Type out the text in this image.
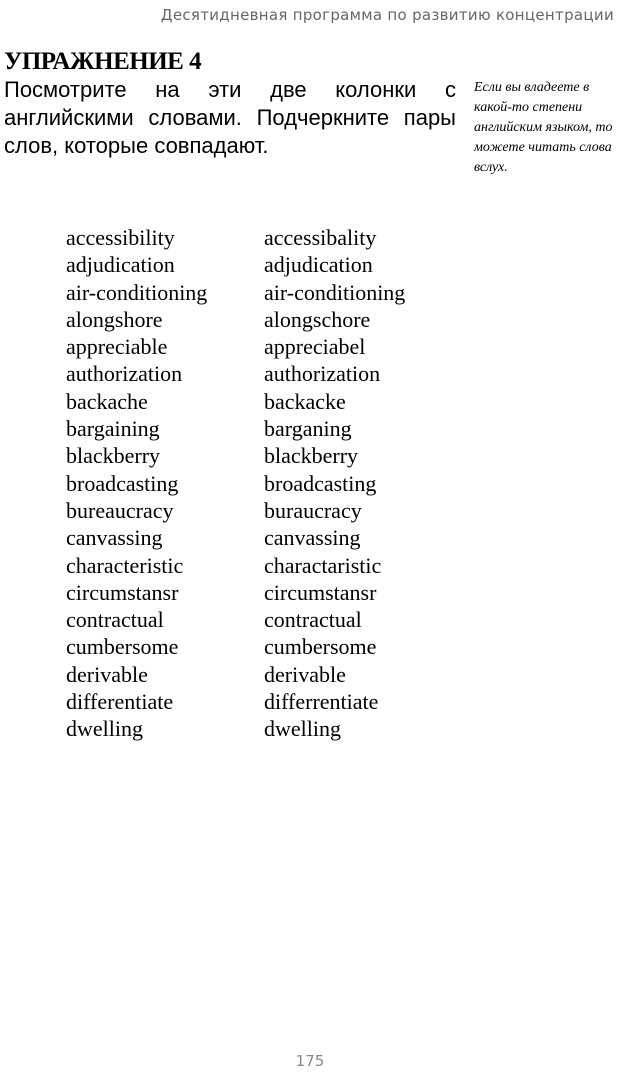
Десятидневная программа по развитию концентрации
УПРАЖНЕНИЕ 4
Посмотрите на эти две колонки с английскими словами. Подчеркните пары слов, которые совпадают.
Если вы владеете в какой-то степени английским языком, то можете читать слова вслух.
accessibility
adjudication
air-conditioning
alongshore
appreciable
authorization
backache
bargaining
blackberry
broadcasting
bureaucracy
canvassing
characteristic
circumstansr
contractual
cumbersome
derivable
differentiate
dwelling
accessibality
adjudication
air-conditioning
alongschore
appreciabel
authorization
backacke
barganing
blackberry
broadcasting
buraucracy
canvassing
charactaristic
circumstansr
contractual
cumbersome
derivable
differrentiate
dwelling
175
